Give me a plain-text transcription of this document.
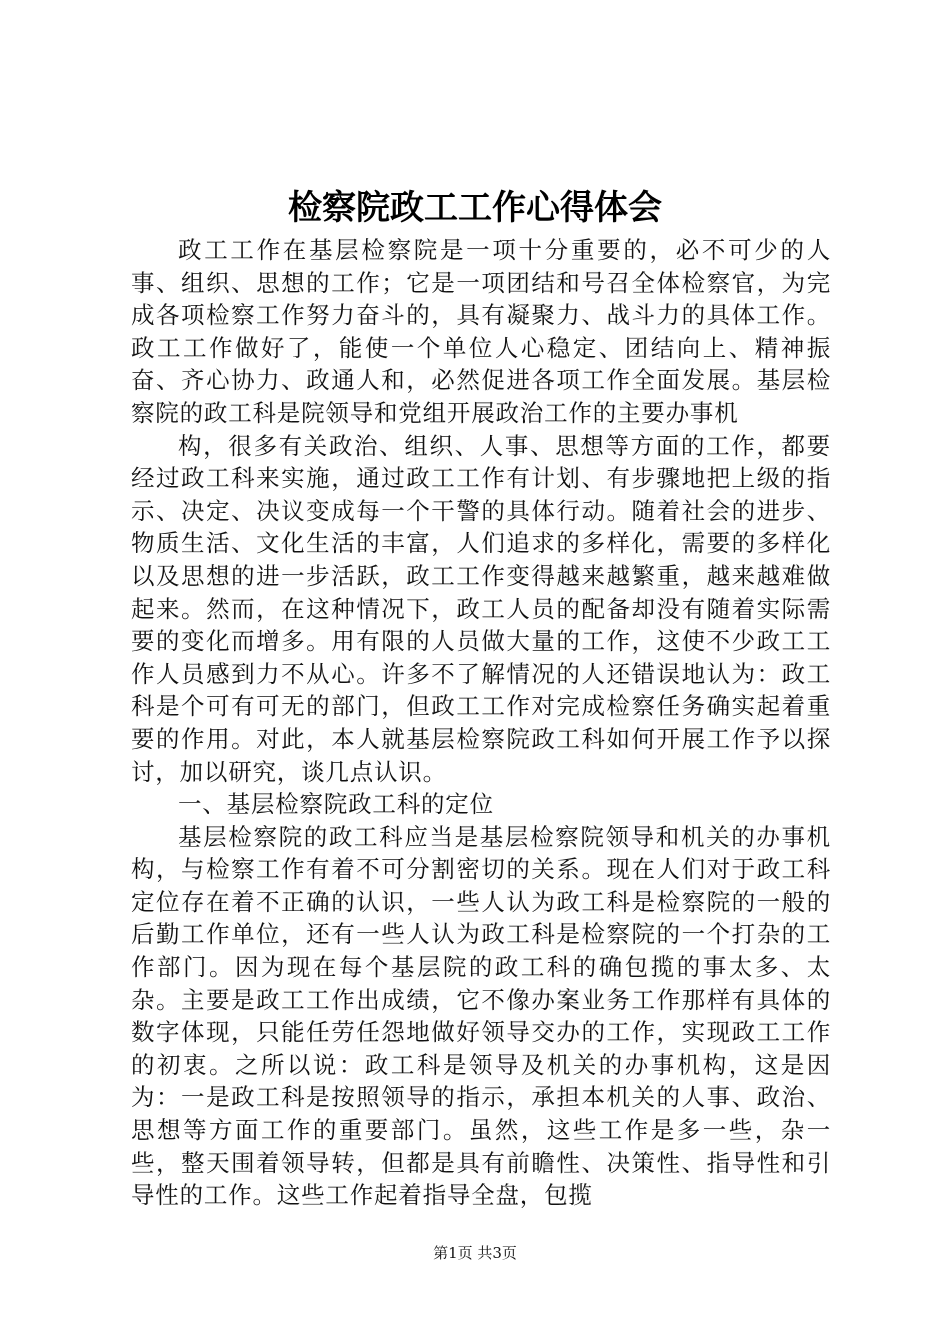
检察院政工工作心得体会

政工工作在基层检察院是一项十分重要的，必不可少的人事、组织、思想的工作；它是一项团结和号召全体检察官，为完成各项检察工作努力奋斗的，具有凝聚力、战斗力的具体工作。政工工作做好了，能使一个单位人心稳定、团结向上、精神振奋、齐心协力、政通人和，必然促进各项工作全面发展。基层检察院的政工科是院领导和党组开展政治工作的主要办事机

构，很多有关政治、组织、人事、思想等方面的工作，都要经过政工科来实施，通过政工工作有计划、有步骤地把上级的指示、决定、决议变成每一个干警的具体行动。随着社会的进步、物质生活、文化生活的丰富，人们追求的多样化，需要的多样化以及思想的进一步活跃，政工工作变得越来越繁重，越来越难做起来。然而，在这种情况下，政工人员的配备却没有随着实际需要的变化而增多。用有限的人员做大量的工作，这使不少政工工作人员感到力不从心。许多不了解情况的人还错误地认为：政工科是个可有可无的部门，但政工工作对完成检察任务确实起着重要的作用。对此，本人就基层检察院政工科如何开展工作予以探讨，加以研究，谈几点认识。

一、基层检察院政工科的定位

基层检察院的政工科应当是基层检察院领导和机关的办事机构，与检察工作有着不可分割密切的关系。现在人们对于政工科定位存在着不正确的认识，一些人认为政工科是检察院的一般的后勤工作单位，还有一些人认为政工科是检察院的一个打杂的工作部门。因为现在每个基层院的政工科的确包揽的事太多、太杂。主要是政工工作出成绩，它不像办案业务工作那样有具体的数字体现，只能任劳任怨地做好领导交办的工作，实现政工工作的初衷。之所以说：政工科是领导及机关的办事机构，这是因为：一是政工科是按照领导的指示，承担本机关的人事、政治、思想等方面工作的重要部门。虽然，这些工作是多一些，杂一些，整天围着领导转，但都是具有前瞻性、决策性、指导性和引导性的工作。这些工作起着指导全盘，包揽

第1页 共3页
